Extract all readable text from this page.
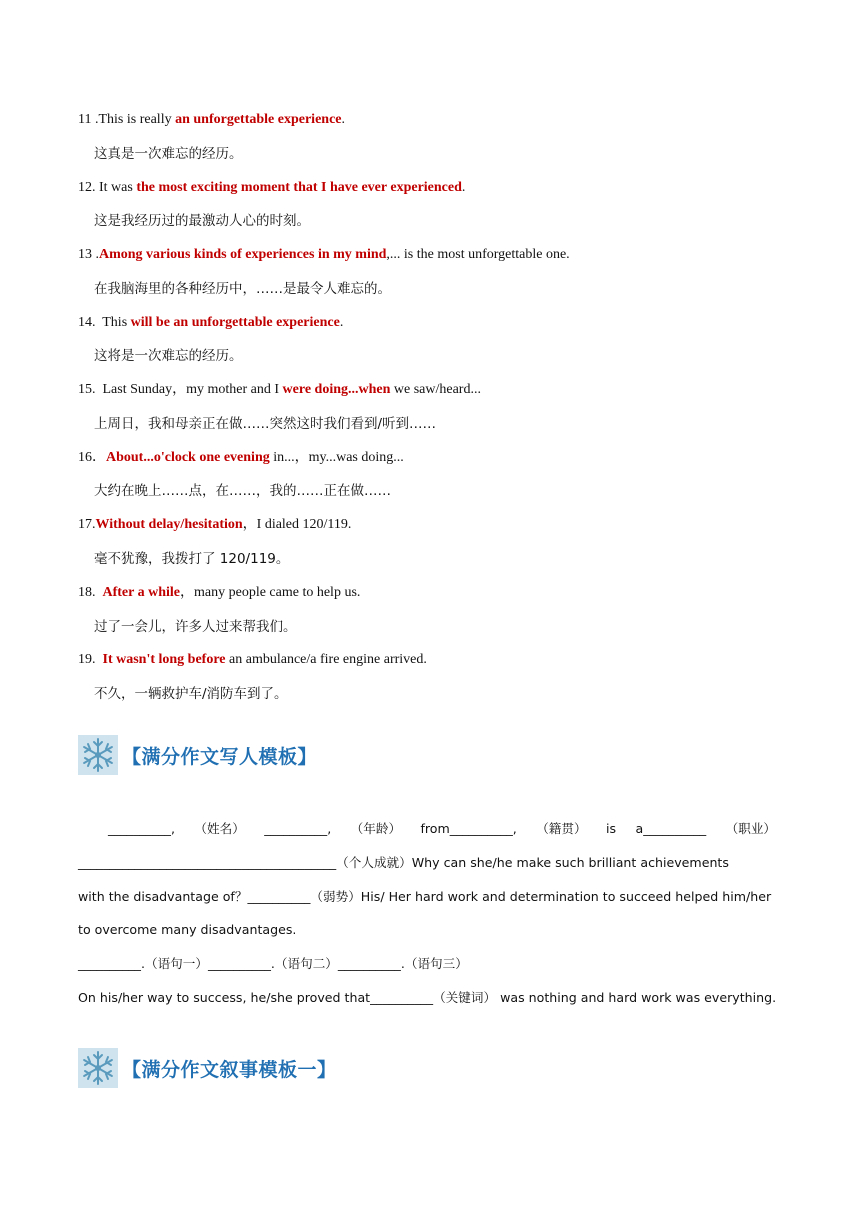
11 .This is really an unforgettable experience.
这真是一次难忘的经历。
12. It was the most exciting moment that I have ever experienced.
这是我经历过的最激动人心的时刻。
13 .Among various kinds of experiences in my mind,... is the most unforgettable one.
在我脑海里的各种经历中，……是最令人难忘的。
14.  This will be an unforgettable experience.
这将是一次难忘的经历。
15.  Last Sunday，my mother and I were doing...when we saw/heard...
上周日，我和母亲正在做……突然这时我们看到/听到……
16．About...o'clock one evening in...，my...was doing...
大约在晚上……点，在……，我的……正在做……
17.Without delay/hesitation，I dialed 120/119.
毫不犹豫，我拨打了 120/119。
18.  After a while，many people came to help us.
过了一会儿，许多人过来帮我们。
19.  It wasn't long before an ambulance/a fire engine arrived.
不久，一辆救护车/消防车到了。
【满分作文写人模板】
__________, （姓名） __________, （年龄） from__________, （籍贯） is a__________ （职业）
_________________________________________（个人成就）Why can she/he make such brilliant achievements
with the disadvantage of？__________（弱势）His/ Her hard work and determination to succeed helped him/her
to overcome many disadvantages.
__________.（语句一）__________.（语句二）__________.（语句三）
On his/her way to success, he/she proved that__________（关键词） was nothing and hard work was everything.
【满分作文叙事模板一】
